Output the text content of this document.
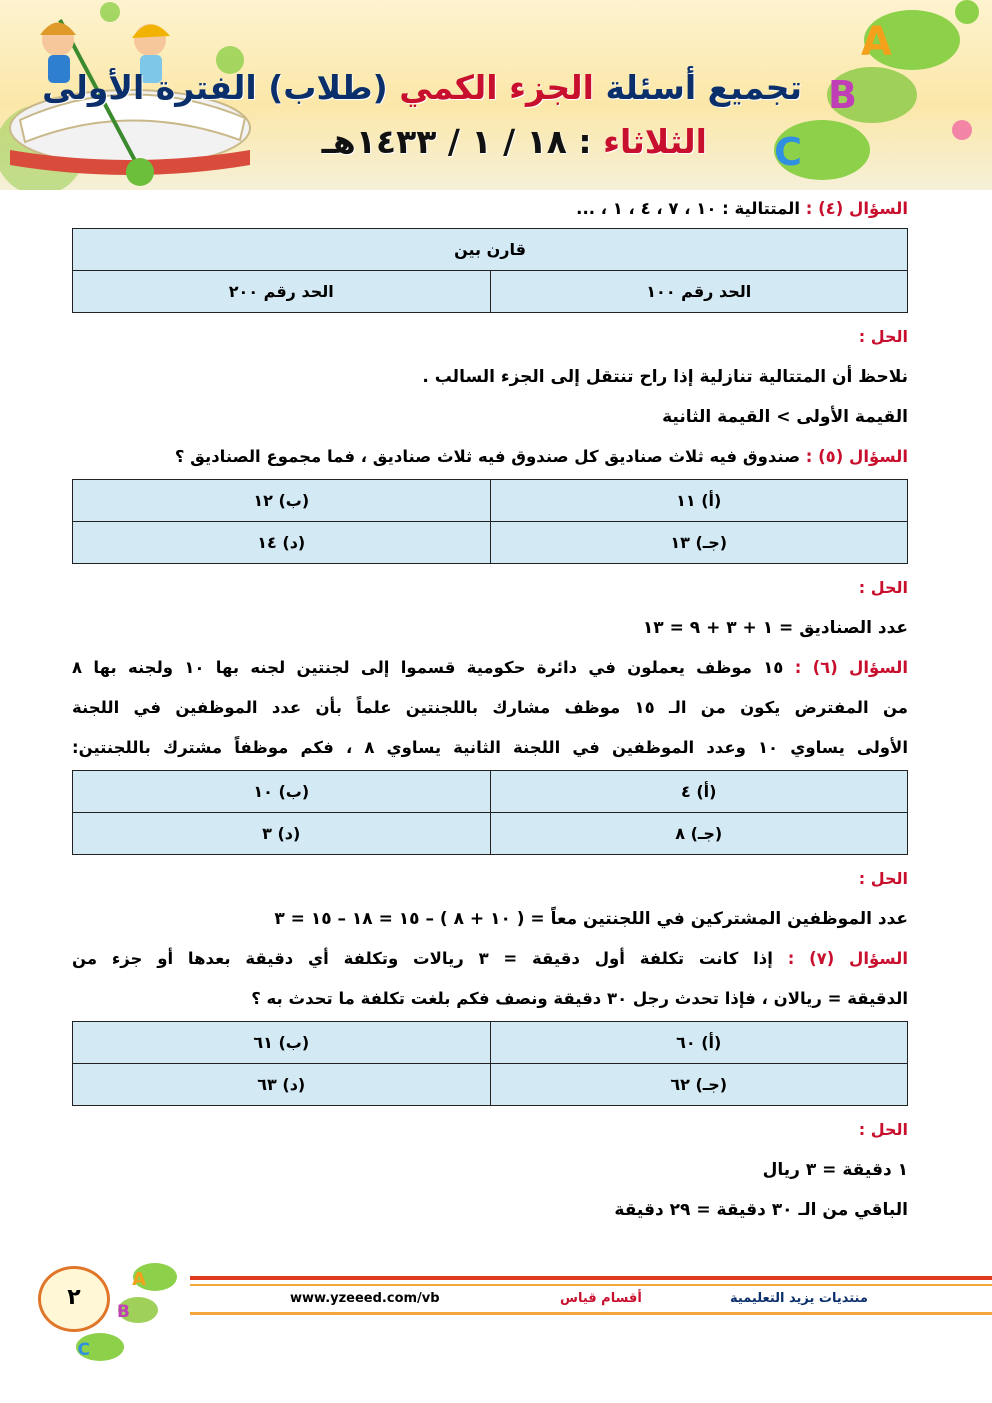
A
B
C
تجميع أسئلة الجزء الكمي (طلاب) الفترة الأولى
الثلاثاء : ١٨ / ١ / ١٤٣٣هـ
السؤال (٤) : المتتالية : ١٠ ، ٧ ، ٤ ، ١ ، ...
قارن بين
الحد رقم ١٠٠	الحد رقم ٢٠٠
الحل :
نلاحظ أن المتتالية تنازلية إذا راح تنتقل إلى الجزء السالب .
القيمة الأولى > القيمة الثانية
السؤال (٥) : صندوق فيه ثلاث صناديق كل صندوق فيه ثلاث صناديق ، فما مجموع الصناديق ؟
(أ) ١١	(ب) ١٢
(جـ) ١٣	(د) ١٤
الحل :
عدد الصناديق = ١ + ٣ + ٩ = ١٣
السؤال (٦) : ١٥ موظف يعملون في دائرة حكومية قسموا إلى لجنتين لجنه بها ١٠ ولجنه بها ٨
من المفترض يكون من الـ ١٥ موظف مشارك باللجنتين علماً بأن عدد الموظفين في اللجنة
الأولى يساوي ١٠ وعدد الموظفين في اللجنة الثانية يساوي ٨ ، فكم موظفاً مشترك باللجنتين:
(أ) ٤	(ب) ١٠
(جـ) ٨	(د) ٣
الحل :
عدد الموظفين المشتركين في اللجنتين معاً = ( ١٠ + ٨ ) – ١٥ = ١٨ – ١٥ = ٣
السؤال (٧) : إذا كانت تكلفة أول دقيقة = ٣ ريالات وتكلفة أي دقيقة بعدها أو جزء من
الدقيقة = ريالان ، فإذا تحدث رجل ٣٠ دقيقة ونصف فكم بلغت تكلفة ما تحدث به ؟
(أ) ٦٠	(ب) ٦١
(جـ) ٦٢	(د) ٦٣
الحل :
١ دقيقة = ٣ ريال
الباقي من الـ ٣٠ دقيقة = ٢٩ دقيقة
A
B
C
٢	www.yzeeed.com/vb	أقسام قياس	منتديات يزيد التعليمية
